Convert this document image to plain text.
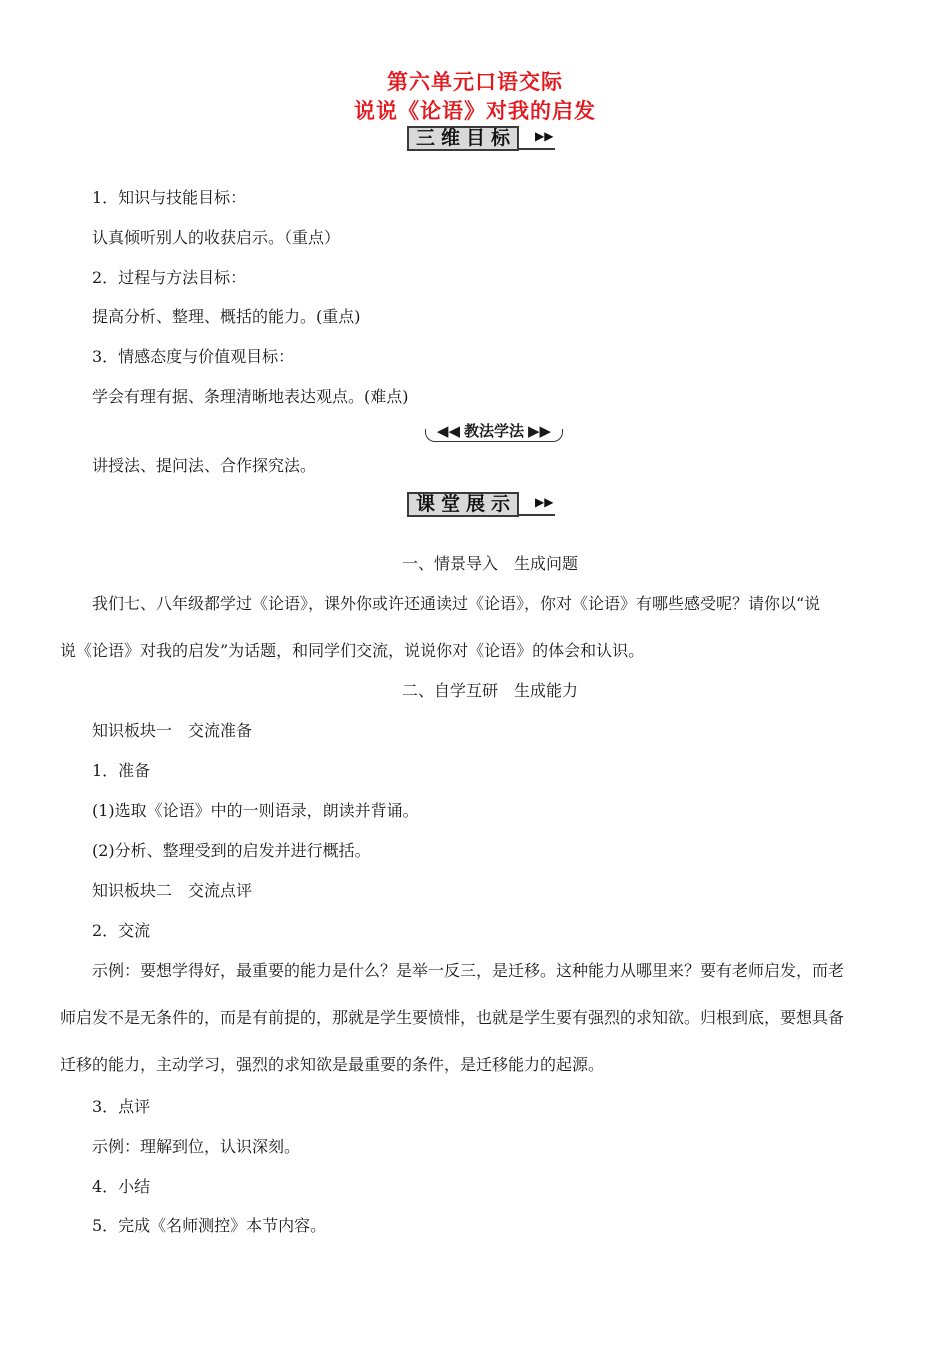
第六单元口语交际
说说《论语》对我的启发
三维目标 ▶▶
1．知识与技能目标：
认真倾听别人的收获启示。（重点）
2．过程与方法目标：
提高分析、整理、概括的能力。(重点)
3．情感态度与价值观目标：
学会有理有据、条理清晰地表达观点。(难点)
◀◀ 教法学法 ▶▶
讲授法、提问法、合作探究法。
课堂展示 ▶▶
一、情景导入　生成问题
我们七、八年级都学过《论语》，课外你或许还通读过《论语》，你对《论语》有哪些感受呢？请你以“说
说《论语》对我的启发”为话题，和同学们交流，说说你对《论语》的体会和认识。
二、自学互研　生成能力
知识板块一　交流准备
1．准备
(1)选取《论语》中的一则语录，朗读并背诵。
(2)分析、整理受到的启发并进行概括。
知识板块二　交流点评
2．交流
示例：要想学得好，最重要的能力是什么？是举一反三，是迁移。这种能力从哪里来？要有老师启发，而老
师启发不是无条件的，而是有前提的，那就是学生要愤悱，也就是学生要有强烈的求知欲。归根到底，要想具备
迁移的能力，主动学习，强烈的求知欲是最重要的条件，是迁移能力的起源。
3．点评
示例：理解到位，认识深刻。
4．小结
5．完成《名师测控》本节内容。
